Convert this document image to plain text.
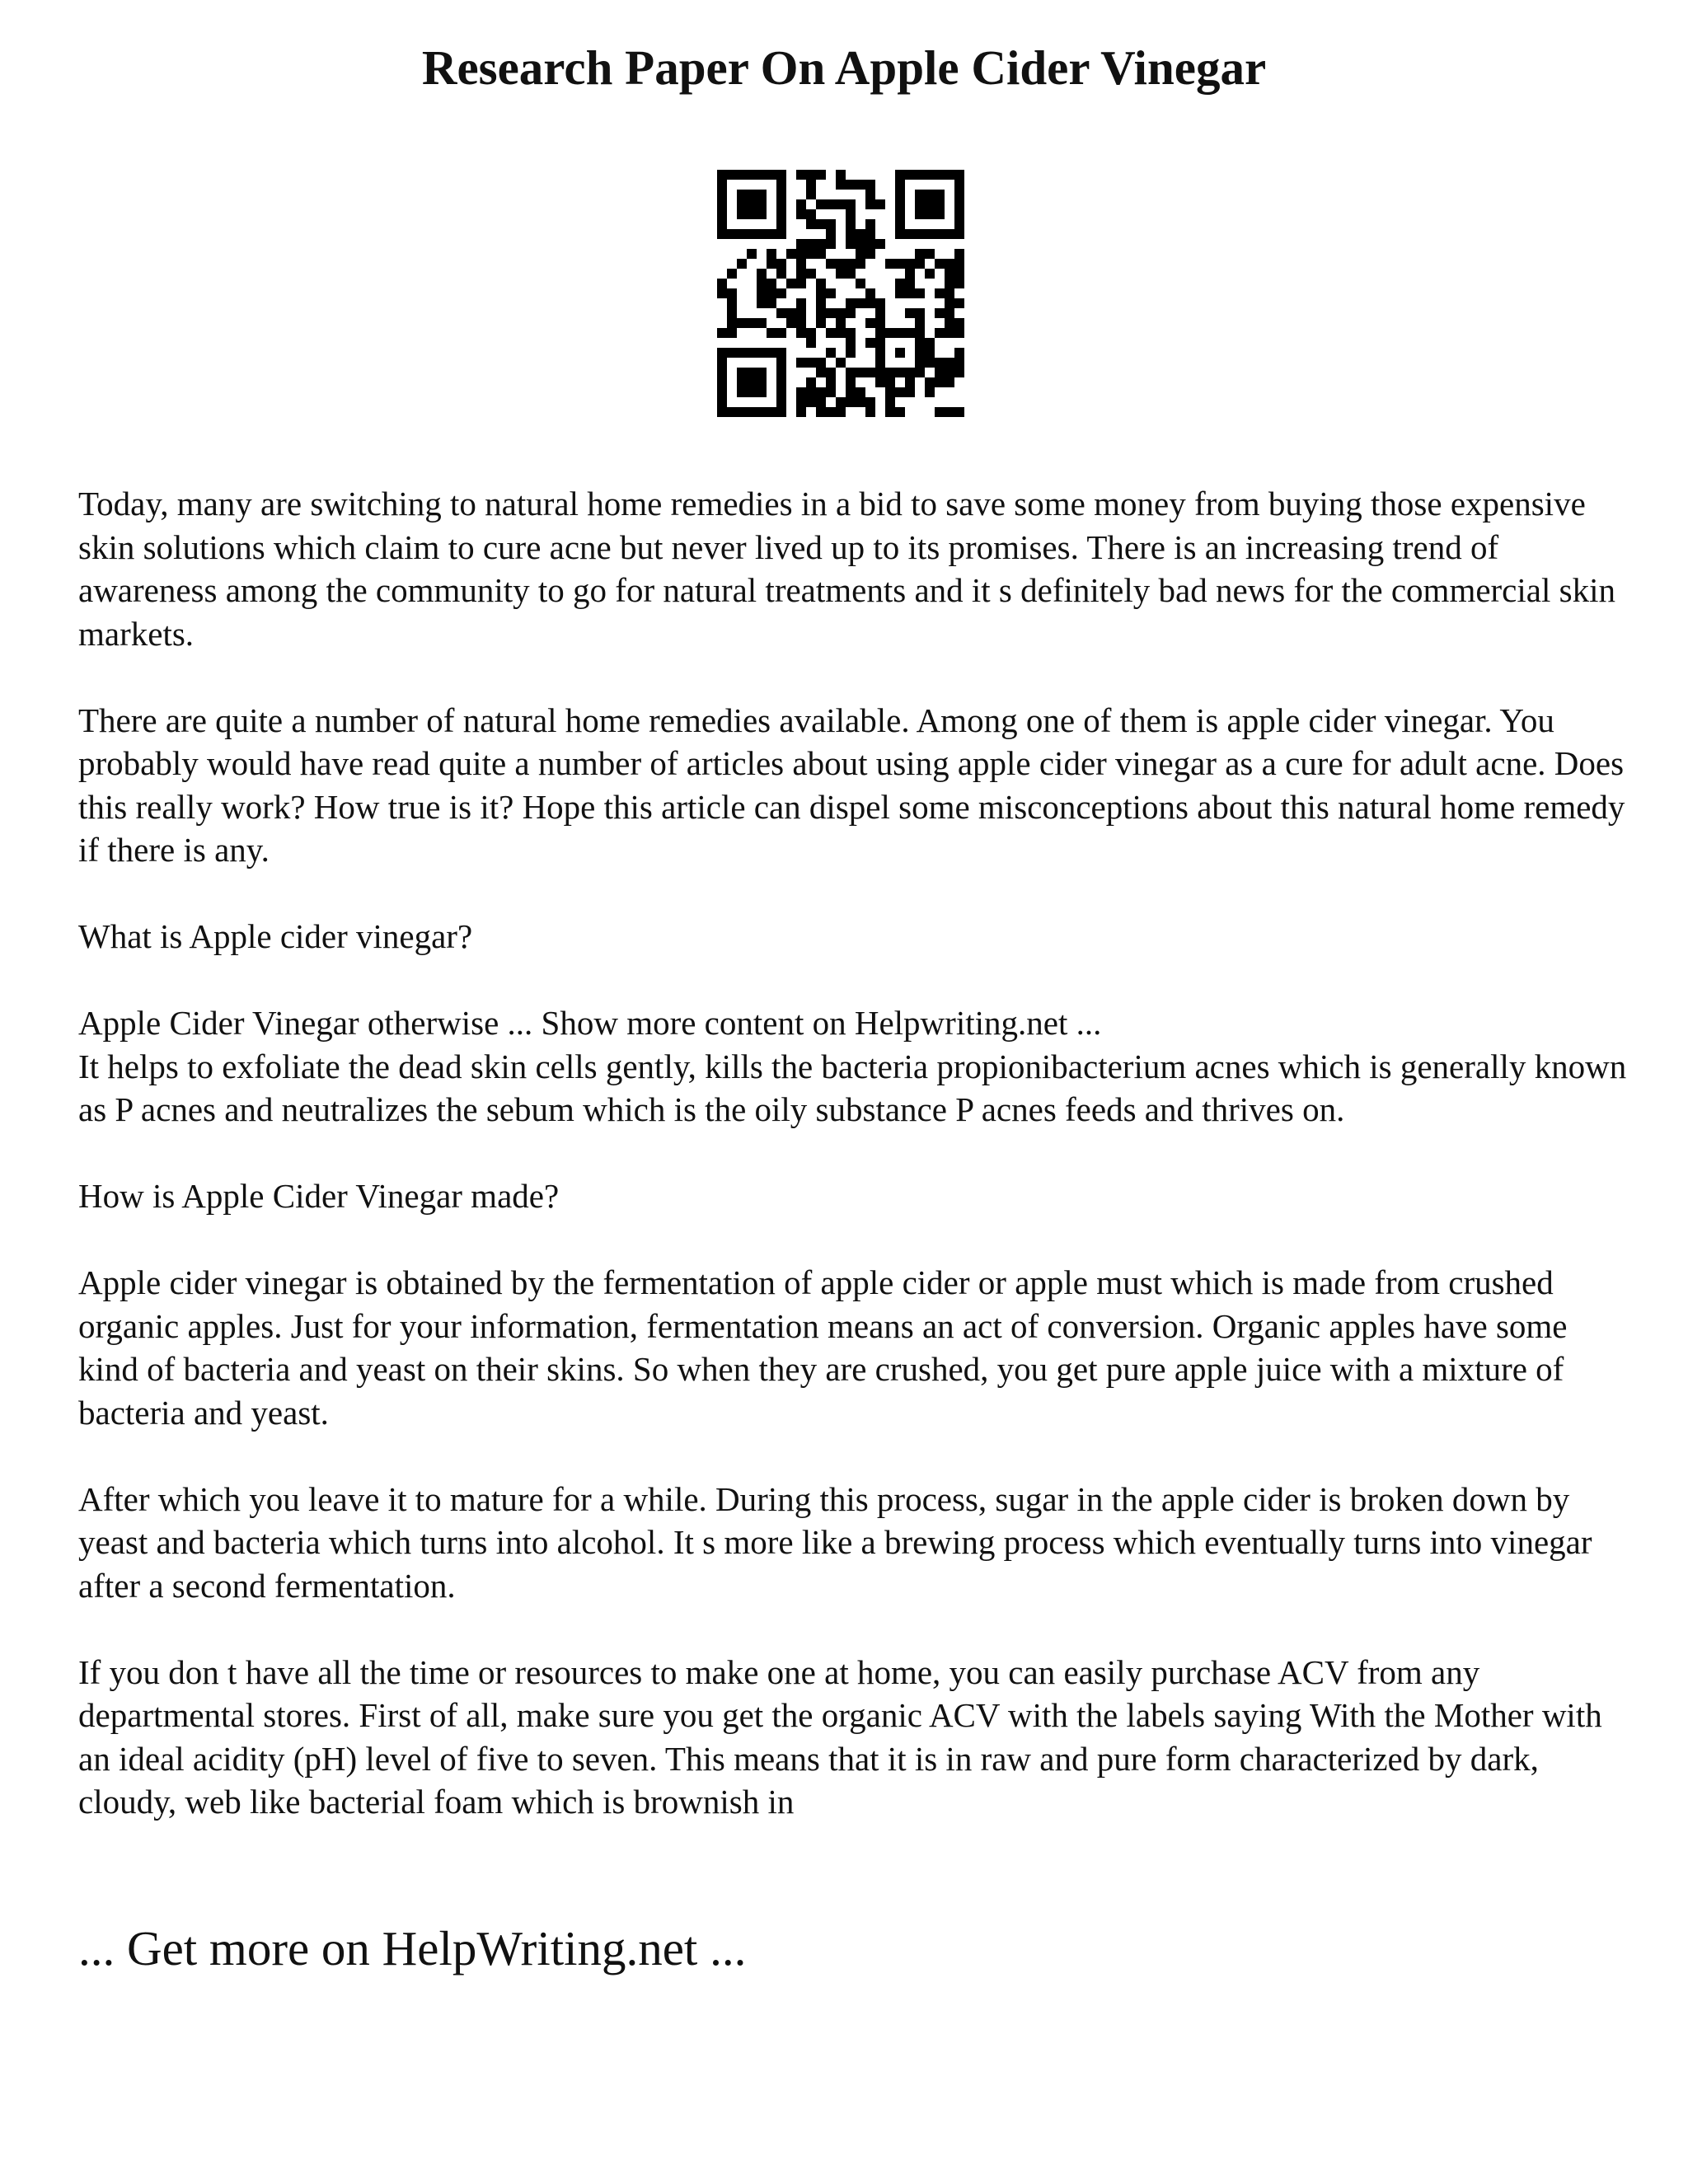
Research Paper On Apple Cider Vinegar

Today, many are switching to natural home remedies in a bid to save some money from buying those expensive skin solutions which claim to cure acne but never lived up to its promises. There is an increasing trend of awareness among the community to go for natural treatments and it s definitely bad news for the commercial skin markets.

There are quite a number of natural home remedies available. Among one of them is apple cider vinegar. You probably would have read quite a number of articles about using apple cider vinegar as a cure for adult acne. Does this really work? How true is it? Hope this article can dispel some misconceptions about this natural home remedy if there is any.

What is Apple cider vinegar?

Apple Cider Vinegar otherwise ... Show more content on Helpwriting.net ...

It helps to exfoliate the dead skin cells gently, kills the bacteria propionibacterium acnes which is generally known as P acnes and neutralizes the sebum which is the oily substance P acnes feeds and thrives on.

How is Apple Cider Vinegar made?

Apple cider vinegar is obtained by the fermentation of apple cider or apple must which is made from crushed organic apples. Just for your information, fermentation means an act of conversion. Organic apples have some kind of bacteria and yeast on their skins. So when they are crushed, you get pure apple juice with a mixture of bacteria and yeast.

After which you leave it to mature for a while. During this process, sugar in the apple cider is broken down by yeast and bacteria which turns into alcohol. It s more like a brewing process which eventually turns into vinegar after a second fermentation.

If you don t have all the time or resources to make one at home, you can easily purchase ACV from any departmental stores. First of all, make sure you get the organic ACV with the labels saying With the Mother with an ideal acidity (pH) level of five to seven. This means that it is in raw and pure form characterized by dark, cloudy, web like bacterial foam which is brownish in

... Get more on HelpWriting.net ...
